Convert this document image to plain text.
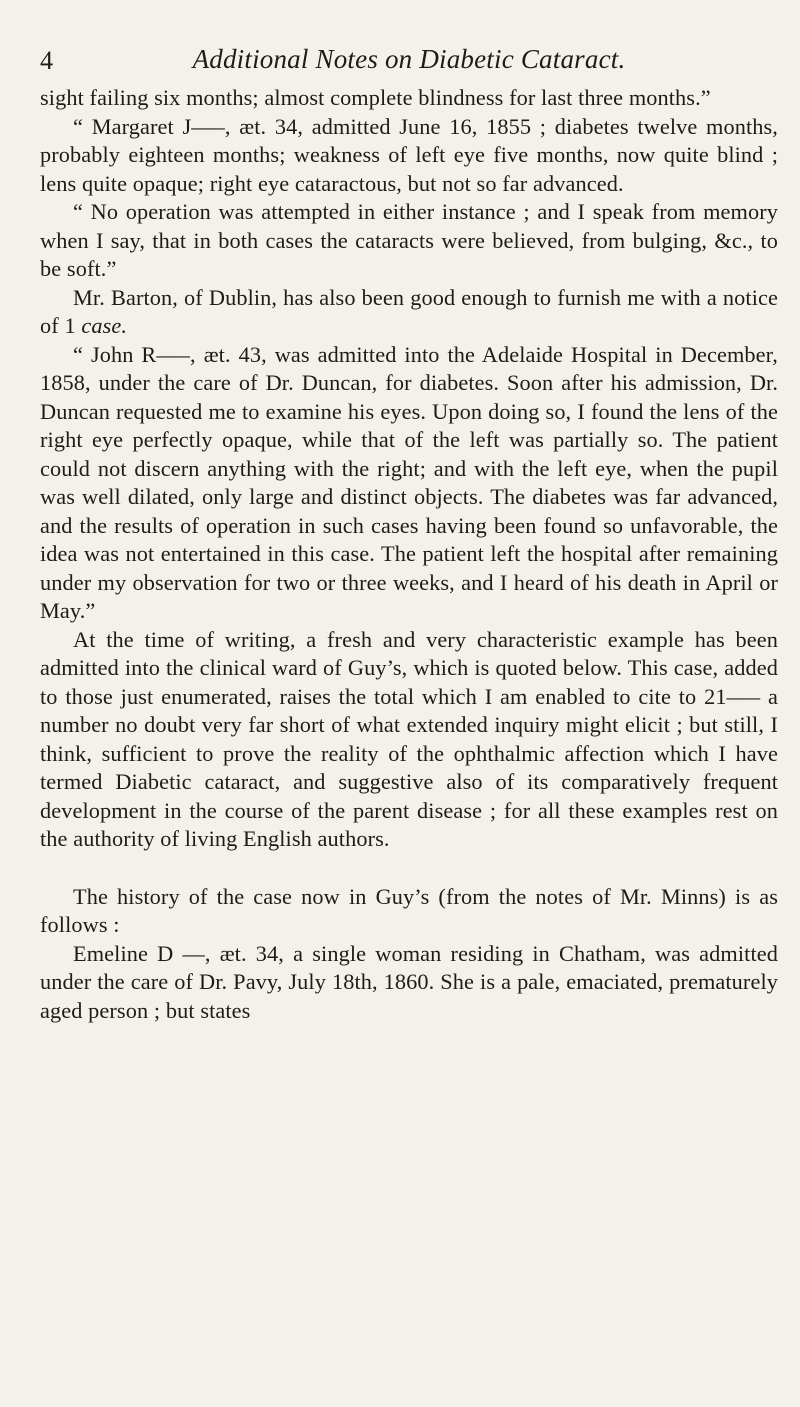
4	Additional Notes on Diabetic Cataract.

sight failing six months; almost complete blindness for last three months.”

“ Margaret J—–, æt. 34, admitted June 16, 1855 ; diabetes twelve months, probably eighteen months; weakness of left eye five months, now quite blind ; lens quite opaque; right eye cataractous, but not so far advanced.

“ No operation was attempted in either instance ; and I speak from memory when I say, that in both cases the cataracts were believed, from bulging, &c., to be soft.”

Mr. Barton, of Dublin, has also been good enough to furnish me with a notice of 1 case.

“ John R—–, æt. 43, was admitted into the Adelaide Hospital in December, 1858, under the care of Dr. Duncan, for diabetes. Soon after his admission, Dr. Duncan requested me to examine his eyes. Upon doing so, I found the lens of the right eye perfectly opaque, while that of the left was partially so. The patient could not discern anything with the right; and with the left eye, when the pupil was well dilated, only large and distinct objects. The diabetes was far advanced, and the results of operation in such cases having been found so unfavorable, the idea was not entertained in this case. The patient left the hospital after remaining under my observation for two or three weeks, and I heard of his death in April or May.”

At the time of writing, a fresh and very characteristic example has been admitted into the clinical ward of Guy’s, which is quoted below. This case, added to those just enumerated, raises the total which I am enabled to cite to 21—– a number no doubt very far short of what extended inquiry might elicit ; but still, I think, sufficient to prove the reality of the ophthalmic affection which I have termed Diabetic cataract, and suggestive also of its comparatively frequent development in the course of the parent disease ; for all these examples rest on the authority of living English authors.

The history of the case now in Guy’s (from the notes of Mr. Minns) is as follows :

Emeline D —, æt. 34, a single woman residing in Chatham, was admitted under the care of Dr. Pavy, July 18th, 1860. She is a pale, emaciated, prematurely aged person ; but states
